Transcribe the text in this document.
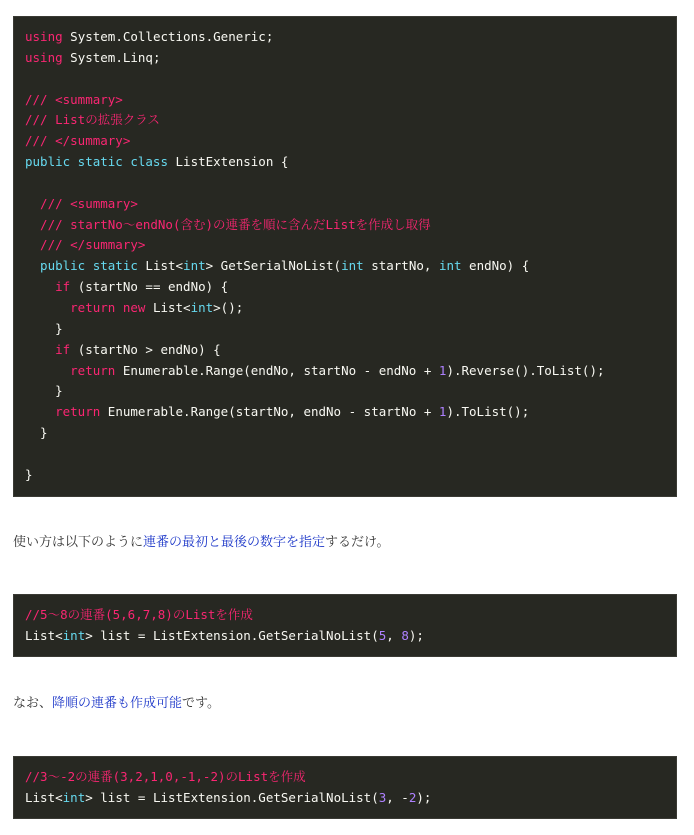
using System.Collections.Generic;
using System.Linq;

/// <summary>
/// Listの拡張クラス
/// </summary>
public static class ListExtension {

/// <summary>
/// startNo～endNo(含む)の連番を順に含んだListを作成し取得
/// </summary>
public static List<int> GetSerialNoList(int startNo, int endNo) {
if (startNo == endNo) {
return new List<int>();
}
if (startNo > endNo) {
return Enumerable.Range(endNo, startNo - endNo + 1).Reverse().ToList();
}
return Enumerable.Range(startNo, endNo - startNo + 1).ToList();
}

}

使い方は以下のように連番の最初と最後の数字を指定するだけ。

//5～8の連番(5,6,7,8)のListを作成
List<int> list = ListExtension.GetSerialNoList(5, 8);

なお、降順の連番も作成可能です。

//3～-2の連番(3,2,1,0,-1,-2)のListを作成
List<int> list = ListExtension.GetSerialNoList(3, -2);
